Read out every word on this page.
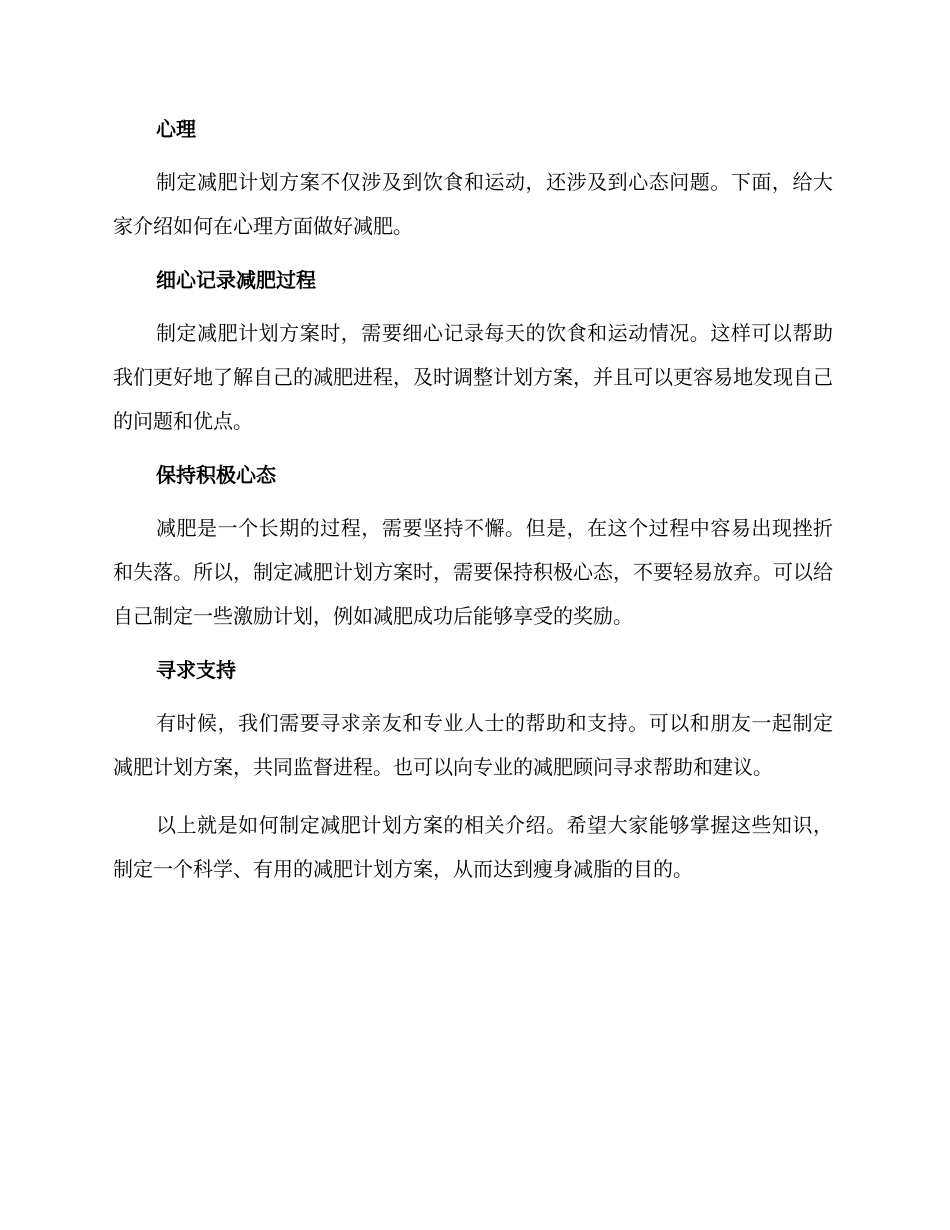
心理

制定减肥计划方案不仅涉及到饮食和运动，还涉及到心态问题。下面，给大家介绍如何在心理方面做好减肥。

细心记录减肥过程

制定减肥计划方案时，需要细心记录每天的饮食和运动情况。这样可以帮助我们更好地了解自己的减肥进程，及时调整计划方案，并且可以更容易地发现自己的问题和优点。

保持积极心态

减肥是一个长期的过程，需要坚持不懈。但是，在这个过程中容易出现挫折和失落。所以，制定减肥计划方案时，需要保持积极心态，不要轻易放弃。可以给自己制定一些激励计划，例如减肥成功后能够享受的奖励。

寻求支持

有时候，我们需要寻求亲友和专业人士的帮助和支持。可以和朋友一起制定减肥计划方案，共同监督进程。也可以向专业的减肥顾问寻求帮助和建议。

以上就是如何制定减肥计划方案的相关介绍。希望大家能够掌握这些知识，制定一个科学、有用的减肥计划方案，从而达到瘦身减脂的目的。
